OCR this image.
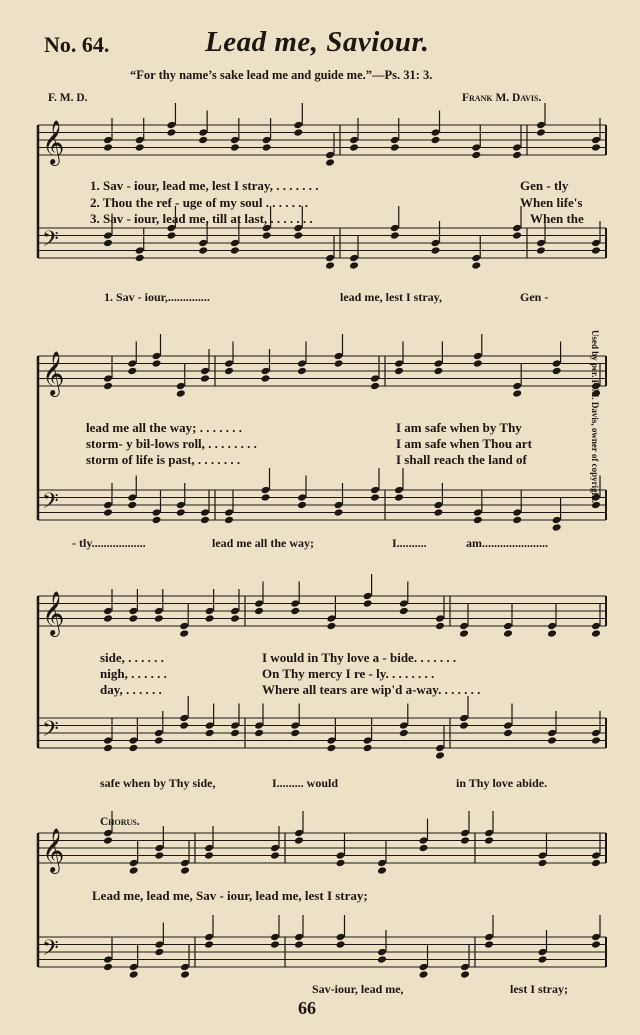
No. 64.	Lead me, Saviour.
“For thy name’s sake lead me and guide me.”—Ps. 31: 3.
F. M. D.	Frank M. Davis.
𝄞
𝄢
𝄞
𝄢
𝄞
𝄢
𝄞
𝄢
1. Sav - iour, lead me, lest I stray, . . . . . . .	Gen - tly
2. Thou the ref - uge of my soul . . . . . . .	When life's
3. Sav - iour, lead me, till at last, . . . . . . .	When the
1. Sav - iour,..............	lead me, lest I stray,	Gen -
lead me all the way; . . . . . . .	I am safe when by Thy
storm- y bil-lows roll, . . . . . . . .	I am safe when Thou art
storm of life is past, . . . . . . .	I shall reach the land of
- tly..................	lead me all the way;	I..........	am......................
side, . . . . . .	I would in Thy love a - bide. . . . . . .
nigh, . . . . . .	On Thy mercy I re - ly. . . . . . . .
day, . . . . . .	Where all tears are wip'd a-way. . . . . . .
safe when by Thy side,	I......... would	in Thy love abide.
Chorus.
Lead me, lead me, Sav - iour, lead me, lest I stray;
Sav-iour, lead me,	lest I stray;
Used by per. F. M. Davis, owner of copyright.
66
